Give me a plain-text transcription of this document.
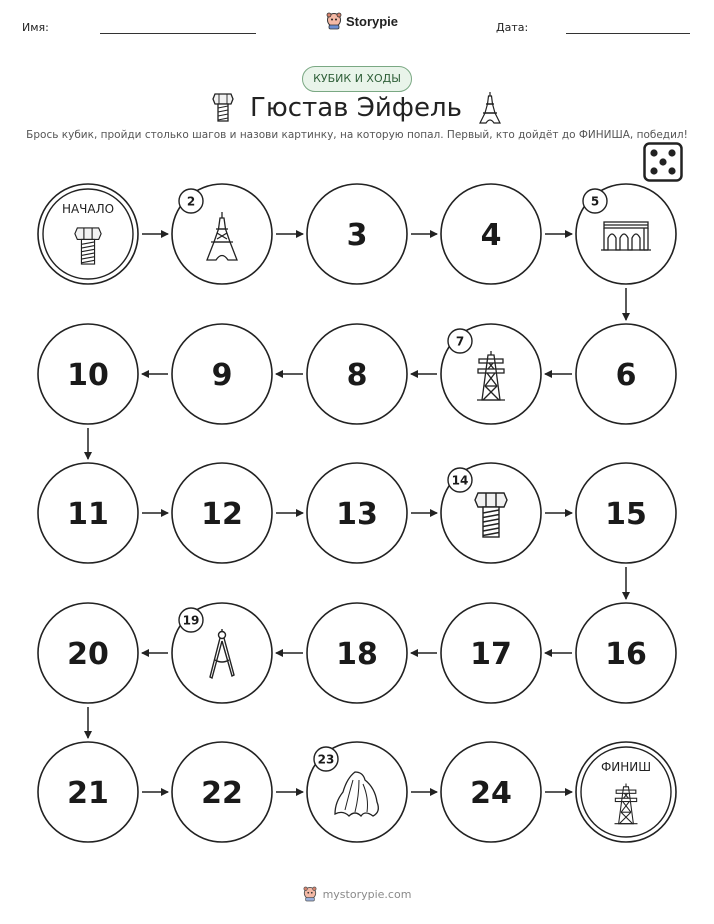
Имя:	Storypie	Дата:
КУБИК И ХОДЫ
Гюстав Эйфель
Брось кубик, пройди столько шагов и назови картинку, на которую попал. Первый, кто дойдёт до ФИНИША, победил!
НАЧАЛО
2
3	4
5
10	9	8
7
6
11	12	13
14
15
20
19
18	17	16
21	22
23
24
ФИНИШ
mystorypie.com
